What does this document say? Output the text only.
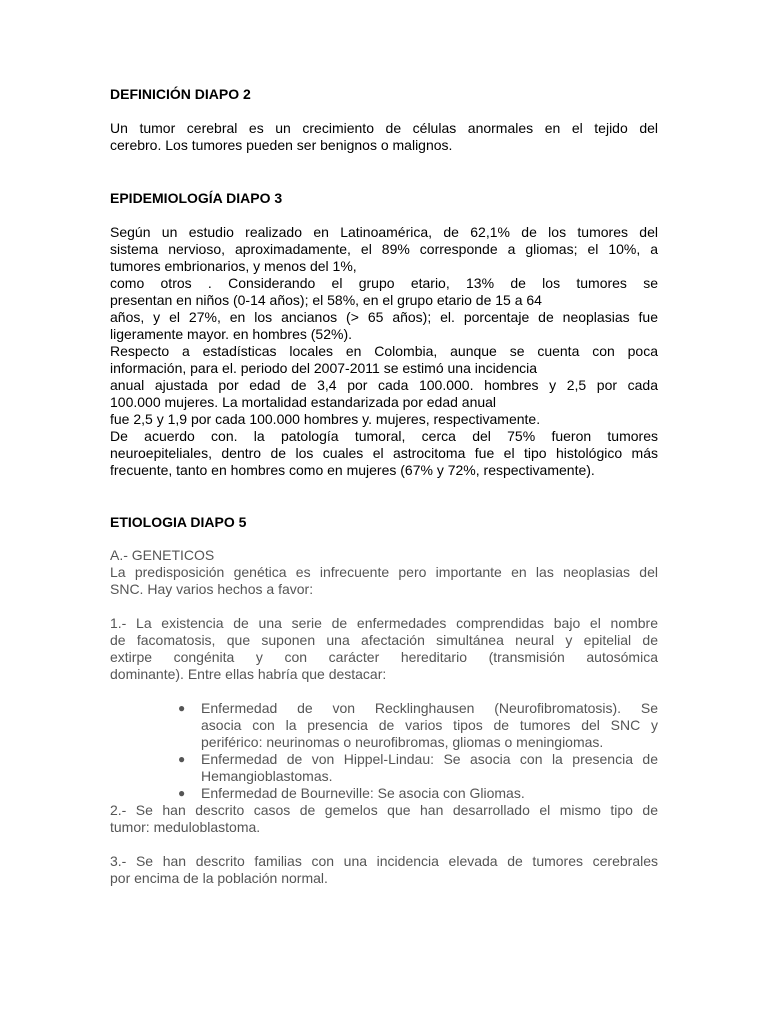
DEFINICIÓN DIAPO 2

Un tumor cerebral es un crecimiento de células anormales en el tejido del
cerebro. Los tumores pueden ser benignos o malignos.

EPIDEMIOLOGÍA DIAPO 3

Según un estudio realizado en Latinoamérica, de 62,1% de los tumores del
sistema nervioso, aproximadamente, el 89% corresponde a gliomas; el 10%, a
tumores embrionarios, y menos del 1%,
como otros . Considerando el grupo etario, 13% de los tumores se
presentan en niños (0-14 años); el 58%, en el grupo etario de 15 a 64
años, y el 27%, en los ancianos (> 65 años); el. porcentaje de neoplasias fue
ligeramente mayor. en hombres (52%).
Respecto a estadísticas locales en Colombia, aunque se cuenta con poca
información, para el. periodo del 2007-2011 se estimó una incidencia
anual ajustada por edad de 3,4 por cada 100.000. hombres y 2,5 por cada
100.000 mujeres. La mortalidad estandarizada por edad anual
fue 2,5 y 1,9 por cada 100.000 hombres y. mujeres, respectivamente.
De acuerdo con. la patología tumoral, cerca del 75% fueron tumores
neuroepiteliales, dentro de los cuales el astrocitoma fue el tipo histológico más
frecuente, tanto en hombres como en mujeres (67% y 72%, respectivamente).

ETIOLOGIA DIAPO 5

A.- GENETICOS

La predisposición genética es infrecuente pero importante en las neoplasias del
SNC. Hay varios hechos a favor:

1.- La existencia de una serie de enfermedades comprendidas bajo el nombre
de facomatosis, que suponen una afectación simultánea neural y epitelial de
extirpe congénita y con carácter hereditario (transmisión autosómica
dominante). Entre ellas habría que destacar:

● Enfermedad de von Recklinghausen (Neurofibromatosis). Se
asocia con la presencia de varios tipos de tumores del SNC y
periférico: neurinomas o neurofibromas, gliomas o meningiomas.
● Enfermedad de von Hippel-Lindau: Se asocia con la presencia de
Hemangioblastomas.
● Enfermedad de Bourneville: Se asocia con Gliomas.

2.- Se han descrito casos de gemelos que han desarrollado el mismo tipo de
tumor: meduloblastoma.

3.- Se han descrito familias con una incidencia elevada de tumores cerebrales
por encima de la población normal.
